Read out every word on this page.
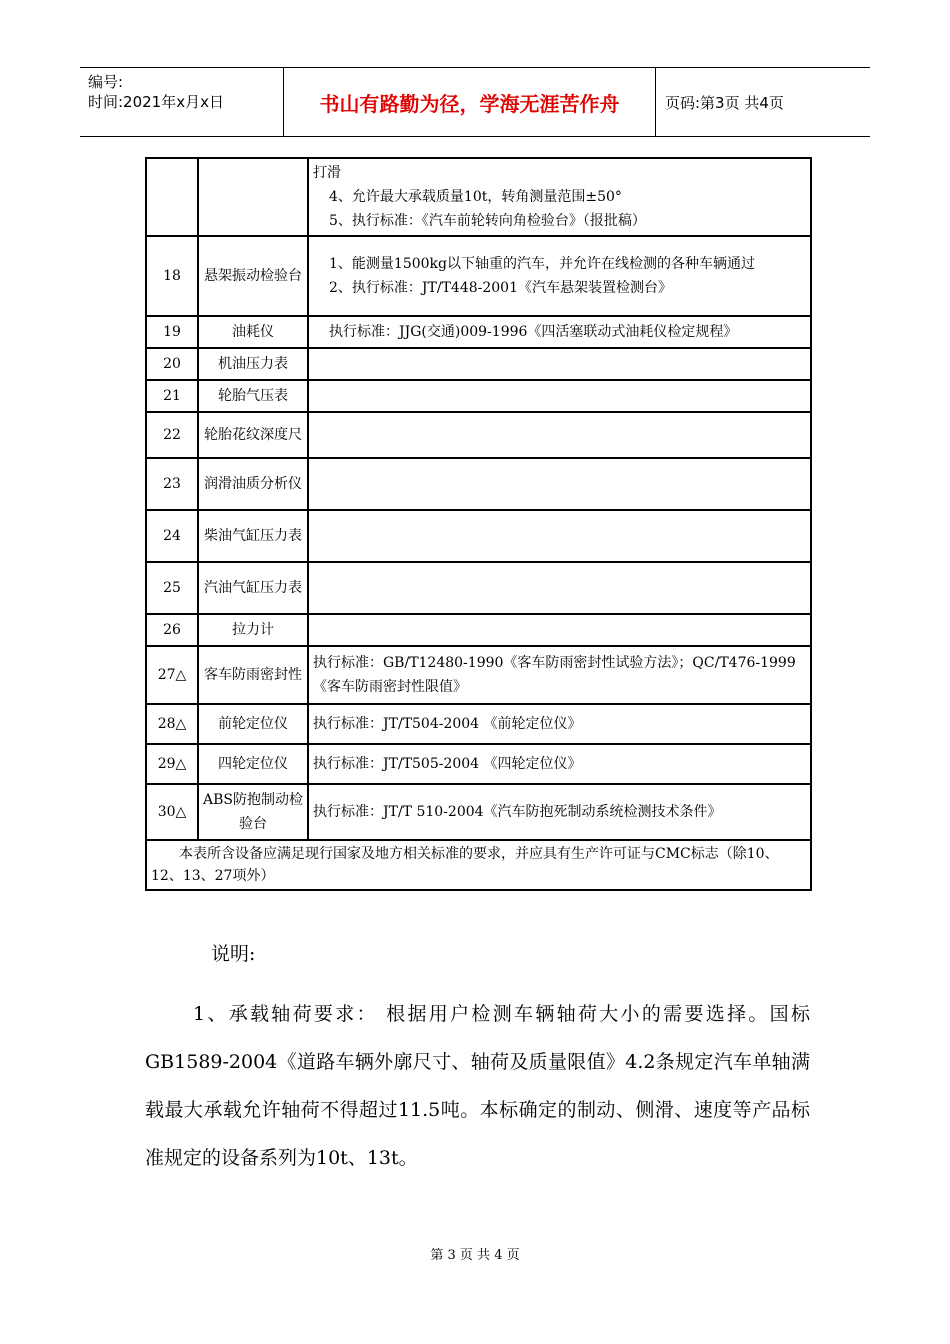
编号:
时间:2021年x月x日	书山有路勤为径，学海无涯苦作舟	页码:第3页 共4页

		打滑
4、允许最大承载质量10t，转角测量范围±50°
5、执行标准：《汽车前轮转向角检验台》（报批稿）

18	悬架振动检验台	1、能测量1500kg以下轴重的汽车，并允许在线检测的各种车辆通过
2、执行标准：JT/T448-2001《汽车悬架装置检测台》

19	油耗仪	执行标准：JJG(交通)009-1996《四活塞联动式油耗仪检定规程》

20	机油压力表	
21	轮胎气压表	
22	轮胎花纹深度尺	
23	润滑油质分析仪	
24	柴油气缸压力表	
25	汽油气缸压力表	
26	拉力计	
27△	客车防雨密封性	执行标准：GB/T12480-1990《客车防雨密封性试验方法》；QC/T476-1999《客车防雨密封性限值》

28△	前轮定位仪	执行标准：JT/T504-2004 《前轮定位仪》

29△	四轮定位仪	执行标准：JT/T505-2004 《四轮定位仪》

30△	ABS防抱制动检验台	执行标准：JT/T 510-2004《汽车防抱死制动系统检测技术条件》

本表所含设备应满足现行国家及地方相关标准的要求，并应具有生产许可证与CMC标志（除10、12、13、27项外）		
说明:
1、承载轴荷要求： 根据用户检测车辆轴荷大小的需要选择。国标GB1589-2004《道路车辆外廓尺寸、轴荷及质量限值》4.2条规定汽车单轴满载最大承载允许轴荷不得超过11.5吨。本标确定的制动、侧滑、速度等产品标准规定的设备系列为10t、13t。
第 3 页 共 4 页
